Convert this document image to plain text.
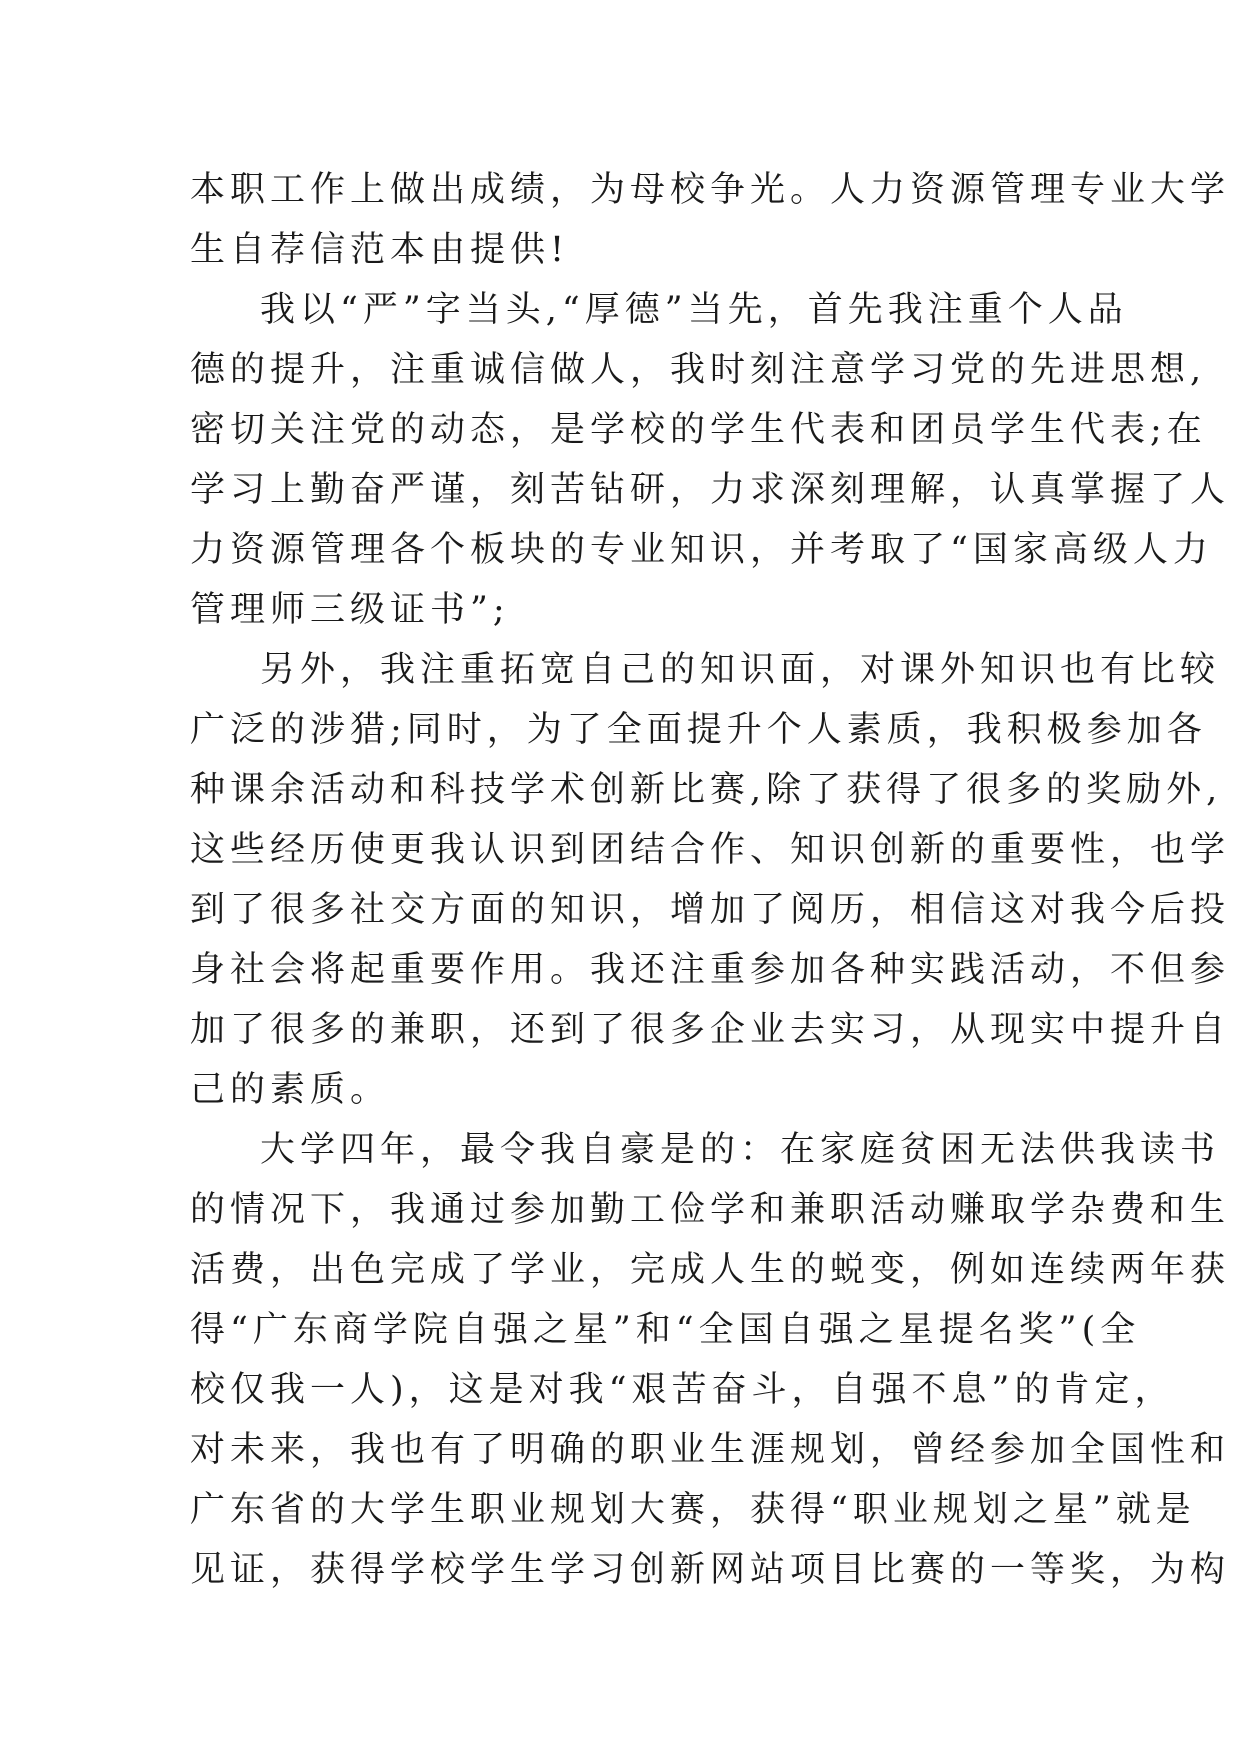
本职工作上做出成绩，为母校争光。人力资源管理专业大学
生自荐信范本由提供!
我以“严”字当头,“厚德”当先，首先我注重个人品
德的提升，注重诚信做人，我时刻注意学习党的先进思想,
密切关注党的动态，是学校的学生代表和团员学生代表;在
学习上勤奋严谨，刻苦钻研，力求深刻理解，认真掌握了人
力资源管理各个板块的专业知识，并考取了“国家高级人力
管理师三级证书”;
另外，我注重拓宽自己的知识面，对课外知识也有比较
广泛的涉猎;同时，为了全面提升个人素质，我积极参加各
种课余活动和科技学术创新比赛,除了获得了很多的奖励外,
这些经历使更我认识到团结合作、知识创新的重要性，也学
到了很多社交方面的知识，增加了阅历，相信这对我今后投
身社会将起重要作用。我还注重参加各种实践活动，不但参
加了很多的兼职，还到了很多企业去实习，从现实中提升自
己的素质。
大学四年，最令我自豪是的：在家庭贫困无法供我读书
的情况下，我通过参加勤工俭学和兼职活动赚取学杂费和生
活费，出色完成了学业，完成人生的蜕变，例如连续两年获
得“广东商学院自强之星”和“全国自强之星提名奖”(全
校仅我一人)，这是对我“艰苦奋斗，自强不息”的肯定，
对未来，我也有了明确的职业生涯规划，曾经参加全国性和
广东省的大学生职业规划大赛，获得“职业规划之星”就是
见证，获得学校学生学习创新网站项目比赛的一等奖，为构
